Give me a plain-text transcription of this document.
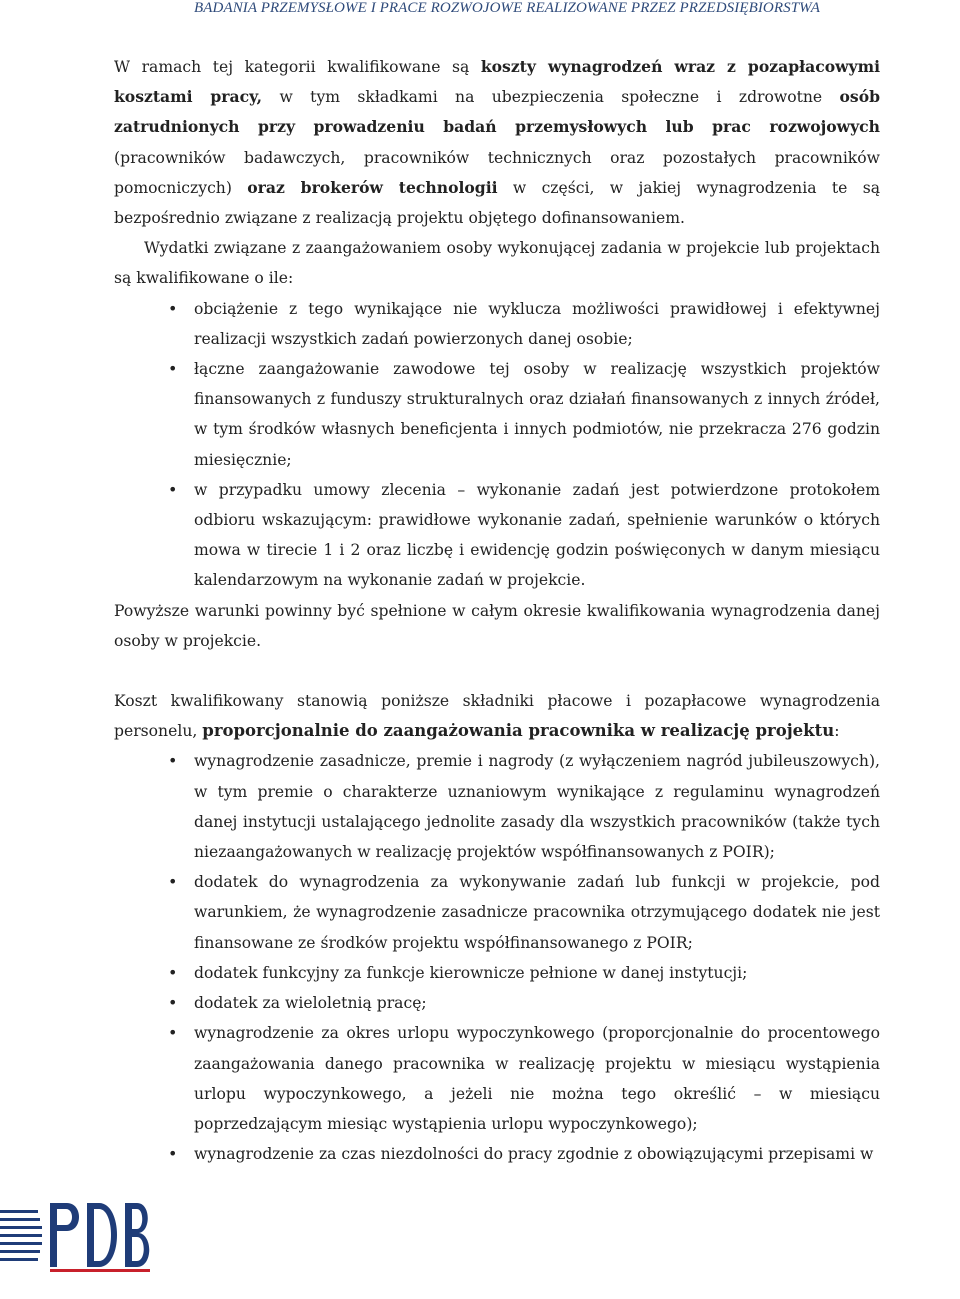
BADANIA PRZEMYSŁOWE I PRACE ROZWOJOWE REALIZOWANE PRZEZ PRZEDSIĘBIORSTWA

W ramach tej kategorii kwalifikowane są koszty wynagrodzeń wraz z pozapłacowymi kosztami pracy, w tym składkami na ubezpieczenia społeczne i zdrowotne osób zatrudnionych przy prowadzeniu badań przemysłowych lub prac rozwojowych (pracowników badawczych, pracowników technicznych oraz pozostałych pracowników pomocniczych) oraz brokerów technologii w części, w jakiej wynagrodzenia te są bezpośrednio związane z realizacją projektu objętego dofinansowaniem.

Wydatki związane z zaangażowaniem osoby wykonującej zadania w projekcie lub projektach są kwalifikowane o ile:

• obciążenie z tego wynikające nie wyklucza możliwości prawidłowej i efektywnej realizacji wszystkich zadań powierzonych danej osobie;
• łączne zaangażowanie zawodowe tej osoby w realizację wszystkich projektów finansowanych z funduszy strukturalnych oraz działań finansowanych z innych źródeł, w tym środków własnych beneficjenta i innych podmiotów, nie przekracza 276 godzin miesięcznie;
• w przypadku umowy zlecenia – wykonanie zadań jest potwierdzone protokołem odbioru wskazującym: prawidłowe wykonanie zadań, spełnienie warunków o których mowa w tirecie 1 i 2 oraz liczbę i ewidencję godzin poświęconych w danym miesiącu kalendarzowym na wykonanie zadań w projekcie.

Powyższe warunki powinny być spełnione w całym okresie kwalifikowania wynagrodzenia danej osoby w projekcie.

Koszt kwalifikowany stanowią poniższe składniki płacowe i pozapłacowe wynagrodzenia personelu, proporcjonalnie do zaangażowania pracownika w realizację projektu:

• wynagrodzenie zasadnicze, premie i nagrody (z wyłączeniem nagród jubileuszowych), w tym premie o charakterze uznaniowym wynikające z regulaminu wynagrodzeń danej instytucji ustalającego jednolite zasady dla wszystkich pracowników (także tych niezaangażowanych w realizację projektów współfinansowanych z POIR);
• dodatek do wynagrodzenia za wykonywanie zadań lub funkcji w projekcie, pod warunkiem, że wynagrodzenie zasadnicze pracownika otrzymującego dodatek nie jest finansowane ze środków projektu współfinansowanego z POIR;
• dodatek funkcyjny za funkcje kierownicze pełnione w danej instytucji;
• dodatek za wieloletnią pracę;
• wynagrodzenie za okres urlopu wypoczynkowego (proporcjonalnie do procentowego zaangażowania danego pracownika w realizację projektu w miesiącu wystąpienia urlopu wypoczynkowego, a jeżeli nie można tego określić – w miesiącu poprzedzającym miesiąc wystąpienia urlopu wypoczynkowego);
• wynagrodzenie za czas niezdolności do pracy zgodnie z obowiązującymi przepisami w
